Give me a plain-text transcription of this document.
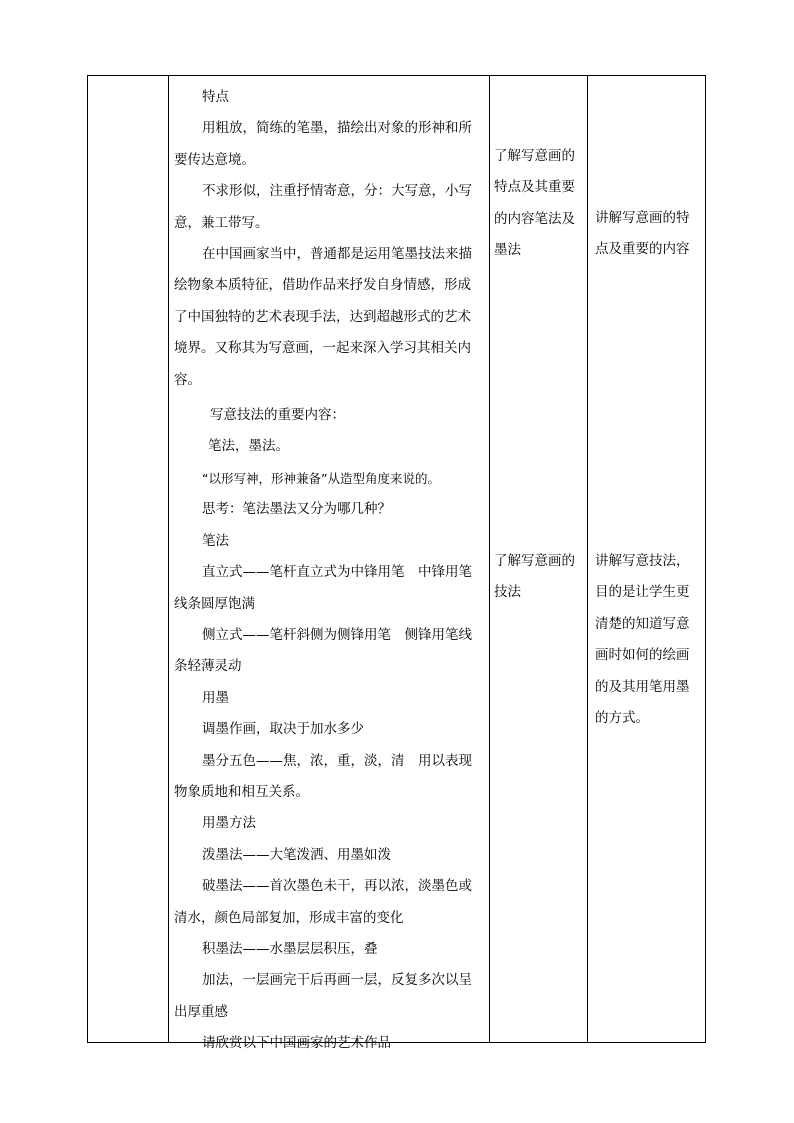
特点

用粗放，简练的笔墨，描绘出对象的形神和所要传达意境。

不求形似，注重抒情寄意，分：大写意，小写意，兼工带写。

在中国画家当中，普通都是运用笔墨技法来描绘物象本质特征，借助作品来抒发自身情感，形成了中国独特的艺术表现手法，达到超越形式的艺术境界。又称其为写意画，一起来深入学习其相关内容。

写意技法的重要内容：

笔法，墨法。

“以形写神，形神兼备”从造型角度来说的。

思考：笔法墨法又分为哪几种？

笔法

直立式——笔杆直立式为中锋用笔　中锋用笔线条圆厚饱满

侧立式——笔杆斜侧为侧锋用笔　侧锋用笔线条轻薄灵动

用墨

调墨作画，取决于加水多少

墨分五色——焦，浓，重，淡，清　用以表现物象质地和相互关系。

用墨方法

泼墨法——大笔泼洒、用墨如泼

破墨法——首次墨色未干，再以浓，淡墨色或清水，颜色局部复加，形成丰富的变化

积墨法——水墨层层积压，叠

加法，一层画完干后再画一层，反复多次以呈出厚重感

请欣赏以下中国画家的艺术作品

了解写意画的
特点及其重要
的内容笔法及
墨法
了解写意画的
技法
讲解写意画的特
点及重要的内容
讲解写意技法，
目的是让学生更
清楚的知道写意
画时如何的绘画
的及其用笔用墨
的方式。
